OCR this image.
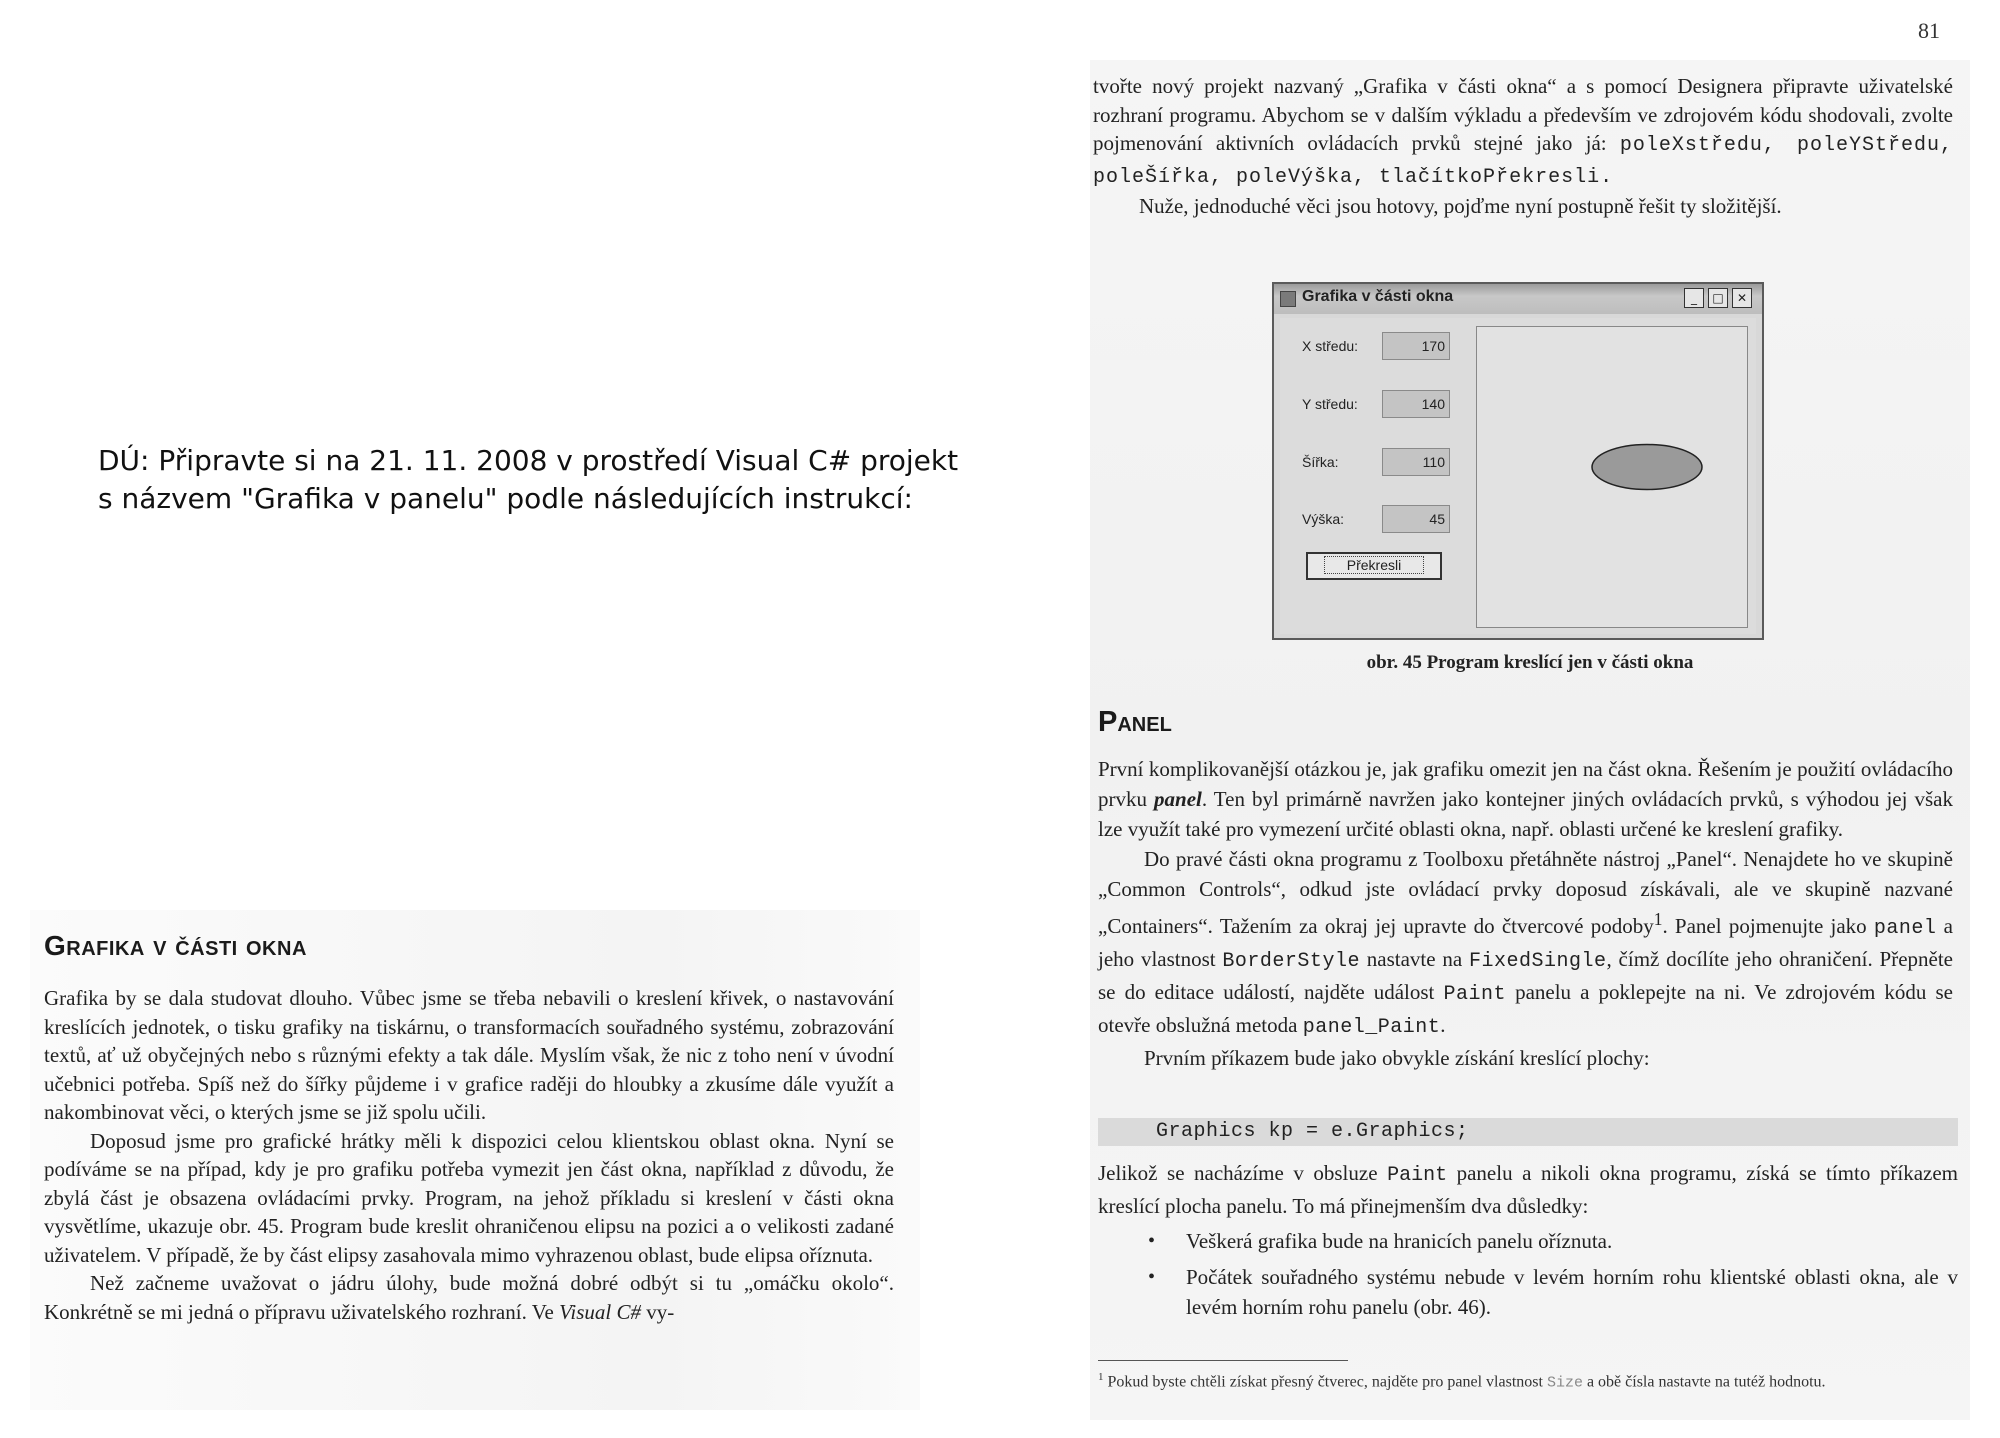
DÚ: Připravte si na 21. 11. 2008 v prostředí Visual C# projekt
s názvem "Grafika v panelu" podle následujících instrukcí:
Grafika v části okna

Grafika by se dala studovat dlouho. Vůbec jsme se třeba nebavili o kreslení křivek, o nastavování kreslících jednotek, o tisku grafiky na tiskárnu, o transformacích souřadného systému, zobrazování textů, ať už obyčejných nebo s různými efekty a tak dále. Myslím však, že nic z toho není v úvodní učebnici potřeba. Spíš než do šířky půjdeme i v grafice raději do hloubky a zkusíme dále využít a nakombinovat věci, o kterých jsme se již spolu učili.

Doposud jsme pro grafické hrátky měli k dispozici celou klientskou oblast okna. Nyní se podíváme se na případ, kdy je pro grafiku potřeba vymezit jen část okna, například z důvodu, že zbylá část je obsazena ovládacími prvky. Program, na jehož příkladu si kreslení v části okna vysvětlíme, ukazuje obr. 45. Program bude kreslit ohraničenou elipsu na pozici a o velikosti zadané uživatelem. V případě, že by část elipsy zasahovala mimo vyhrazenou oblast, bude elipsa oříznuta.

Než začneme uvažovat o jádru úlohy, bude možná dobré odbýt si tu „omáčku okolo“. Konkrétně se mi jedná o přípravu uživatelského rozhraní. Ve Visual C# vy-

81

tvořte nový projekt nazvaný „Grafika v části okna“ a s pomocí Designera připravte uživatelské rozhraní programu. Abychom se v dalším výkladu a především ve zdrojovém kódu shodovali, zvolte pojmenování aktivních ovládacích prvků stejné jako já: poleXstředu, poleYStředu, poleŠířka, poleVýška, tlačítkoPřekresli.

Nuže, jednoduché věci jsou hotovy, pojďme nyní postupně řešit ty složitější.

Grafika v části okna	_	□	✕
X středu:	170
Y středu:	140
Šířka:	110
Výška:	45
Překresli
obr. 45 Program kreslící jen v části okna
Panel

První komplikovanější otázkou je, jak grafiku omezit jen na část okna. Řešením je použití ovládacího prvku panel. Ten byl primárně navržen jako kontejner jiných ovládacích prvků, s výhodou jej však lze využít také pro vymezení určité oblasti okna, např. oblasti určené ke kreslení grafiky.

Do pravé části okna programu z Toolboxu přetáhněte nástroj „Panel“. Nenajdete ho ve skupině „Common Controls“, odkud jste ovládací prvky doposud získávali, ale ve skupině nazvané „Containers“. Tažením za okraj jej upravte do čtvercové podoby$^1$. Panel pojmenujte jako panel a jeho vlastnost BorderStyle nastavte na FixedSingle, čímž docílíte jeho ohraničení. Přepněte se do editace událostí, najděte událost Paint panelu a poklepejte na ni. Ve zdrojovém kódu se otevře obslužná metoda panel_Paint.

Prvním příkazem bude jako obvykle získání kreslící plochy:

Graphics kp = e.Graphics;

Jelikož se nacházíme v obsluze Paint panelu a nikoli okna programu, získá se tímto příkazem kreslící plocha panelu. To má přinejmenším dva důsledky:

• Veškerá grafika bude na hranicích panelu oříznuta.
• Počátek souřadného systému nebude v levém horním rohu klientské oblasti okna, ale v levém horním rohu panelu (obr. 46).
$^1$ Pokud byste chtěli získat přesný čtverec, najděte pro panel vlastnost Size a obě čísla nastavte na tutéž hodnotu.
